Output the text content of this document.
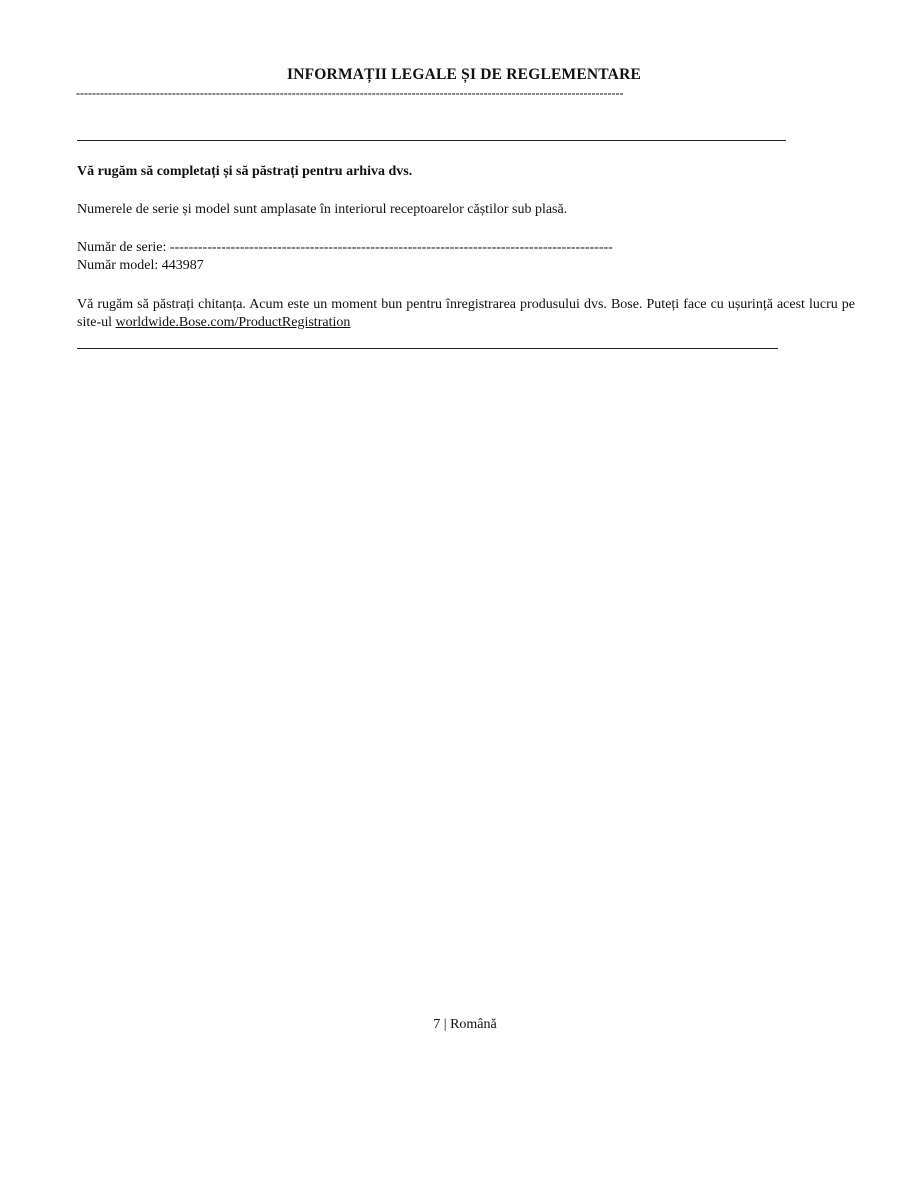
INFORMAȚII LEGALE ȘI DE REGLEMENTARE
-----------------------------------------------------------------------------------------------------------------------------------------
Vă rugăm să completați și să păstrați pentru arhiva dvs.
Numerele de serie și model sunt amplasate în interiorul receptoarelor căștilor sub plasă.
Număr de serie: -----------------------------------------------------------------------------------------------
Număr model: 443987
Vă rugăm să păstrați chitanța. Acum este un moment bun pentru înregistrarea produsului dvs. Bose. Puteți face cu ușurință acest lucru pe site-ul worldwide.Bose.com/ProductRegistration
7 | Română
